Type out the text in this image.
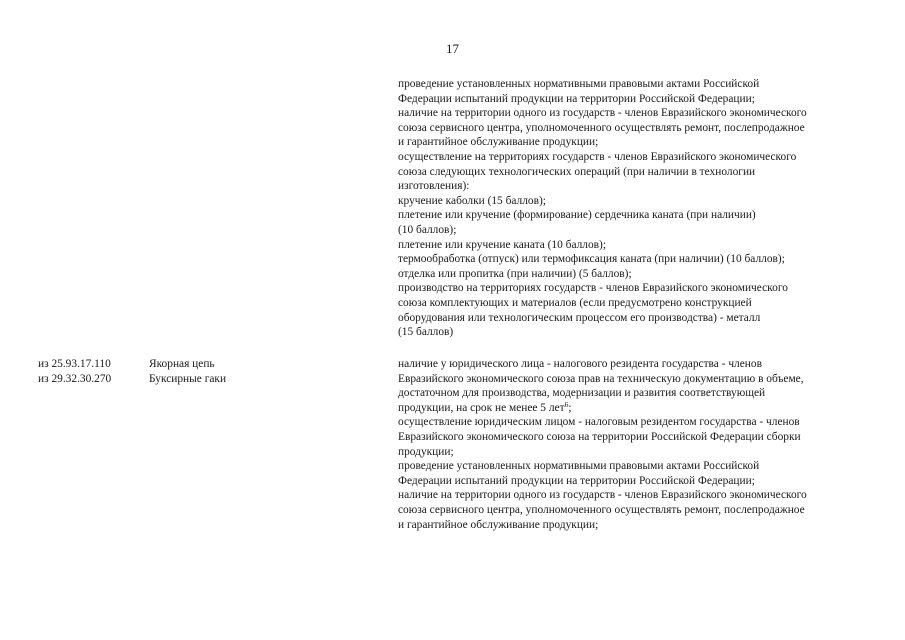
17
проведение установленных нормативными правовыми актами Российской
Федерации испытаний продукции на территории Российской Федерации;
наличие на территории одного из государств - членов Евразийского экономического
союза сервисного центра, уполномоченного осуществлять ремонт, послепродажное
и гарантийное обслуживание продукции;
осуществление на территориях государств - членов Евразийского экономического
союза следующих технологических операций (при наличии в технологии
изготовления):
кручение каболки (15 баллов);
плетение или кручение (формирование) сердечника каната (при наличии)
(10 баллов);
плетение или кручение каната (10 баллов);
термообработка (отпуск) или термофиксация каната (при наличии) (10 баллов);
отделка или пропитка (при наличии) (5 баллов);
производство на территориях государств - членов Евразийского экономического
союза комплектующих и материалов (если предусмотрено конструкцией
оборудования или технологическим процессом его производства) - металл
(15 баллов)
из 25.93.17.110
из 29.32.30.270
Якорная цепь
Буксирные гаки
наличие у юридического лица - налогового резидента государства - членов
Евразийского экономического союза прав на техническую документацию в объеме,
достаточном для производства, модернизации и развития соответствующей
продукции, на срок не менее 5 лет$^6$;
осуществление юридическим лицом - налоговым резидентом государства - членов
Евразийского экономического союза на территории Российской Федерации сборки
продукции;
проведение установленных нормативными правовыми актами Российской
Федерации испытаний продукции на территории Российской Федерации;
наличие на территории одного из государств - членов Евразийского экономического
союза сервисного центра, уполномоченного осуществлять ремонт, послепродажное
и гарантийное обслуживание продукции;
